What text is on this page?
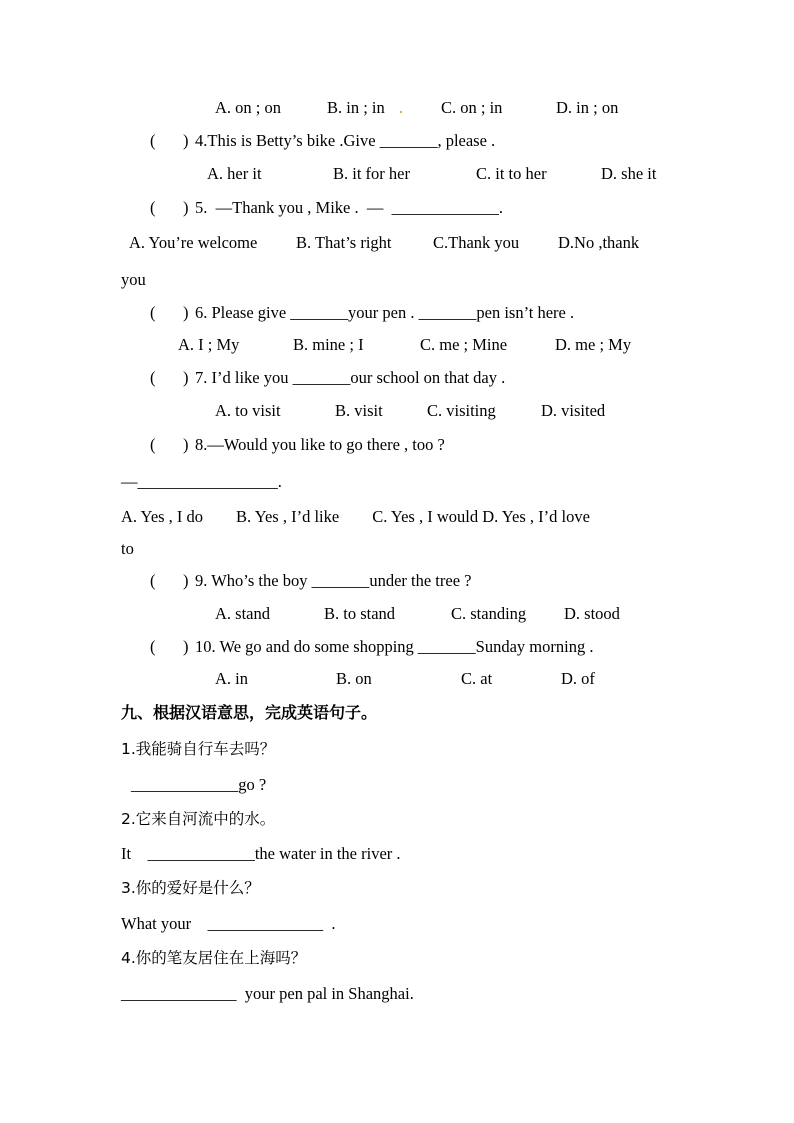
A. on ; on	B. in ; in . C. on ; in	D. in ; on
( ) 4.This is Betty’s bike .Give _______, please .
A. her it	B. it for her	C. it to her	D. she it
( ) 5.  —Thank you , Mike .  —  _____________.
A. You’re welcome B. That’s right	C.Thank you D.No ,thank
you
( ) 6. Please give _______your pen . _______pen isn’t here .
A. I ; My	B. mine ; I	C. me ; Mine	D. me ; My
( ) 7. I’d like you _______our school on that day .
A. to visit	B. visit	C. visiting	D. visited
( ) 8.—Would you like to go there , too ?
—_________________.
A. Yes , I do        B. Yes , I’d like        C. Yes , I would D. Yes , I’d love
to
( ) 9. Who’s the boy _______under the tree ?
A. stand	B. to stand	C. standing D. stood
( ) 10. We go and do some shopping _______Sunday morning .
A. in	B. on	C. at	D. of
九、根据汉语意思，完成英语句子。
1.我能骑自行车去吗？
_____________go ?
2.它来自河流中的水。
It    _____________the water in the river .
3.你的爱好是什么？
What your    ______________  .
4.你的笔友居住在上海吗？
______________  your pen pal in Shanghai.
